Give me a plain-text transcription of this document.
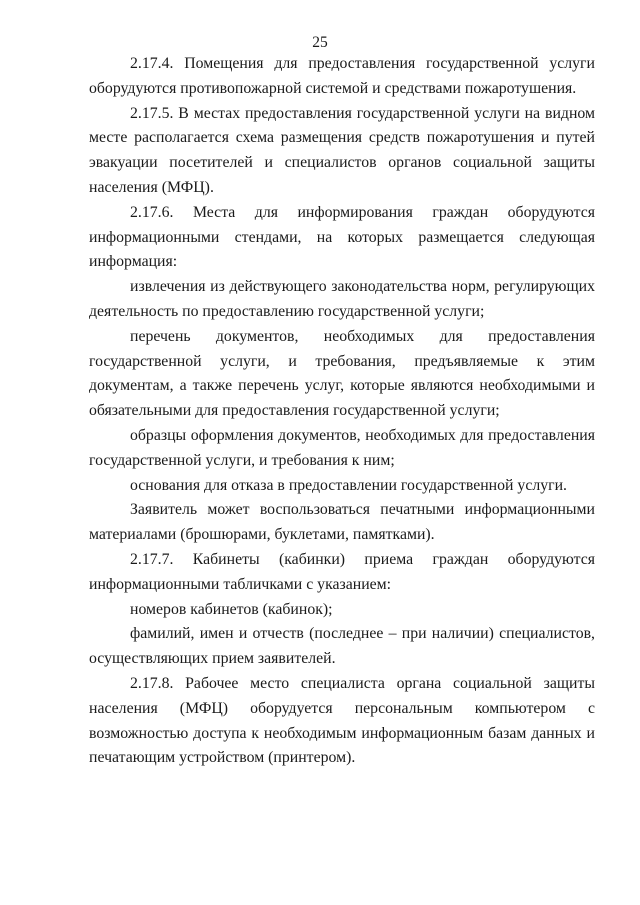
25

2.17.4. Помещения для предоставления государственной услуги оборудуются противопожарной системой и средствами пожаротушения.

2.17.5. В местах предоставления государственной услуги на видном месте располагается схема размещения средств пожаротушения и путей эвакуации посетителей и специалистов органов социальной защиты населения (МФЦ).

2.17.6. Места для информирования граждан оборудуются информационными стендами, на которых размещается следующая информация:

извлечения из действующего законодательства норм, регулирующих деятельность по предоставлению государственной услуги;

перечень документов, необходимых для предоставления государственной услуги, и требования, предъявляемые к этим документам, а также перечень услуг, которые являются необходимыми и обязательными для предоставления государственной услуги;

образцы оформления документов, необходимых для предоставления государственной услуги, и требования к ним;

основания для отказа в предоставлении государственной услуги.

Заявитель может воспользоваться печатными информационными материалами (брошюрами, буклетами, памятками).

2.17.7. Кабинеты (кабинки) приема граждан оборудуются информационными табличками с указанием:

номеров кабинетов (кабинок);

фамилий, имен и отчеств (последнее – при наличии) специалистов, осуществляющих прием заявителей.

2.17.8. Рабочее место специалиста органа социальной защиты населения (МФЦ) оборудуется персональным компьютером с возможностью доступа к необходимым информационным базам данных и печатающим устройством (принтером).
